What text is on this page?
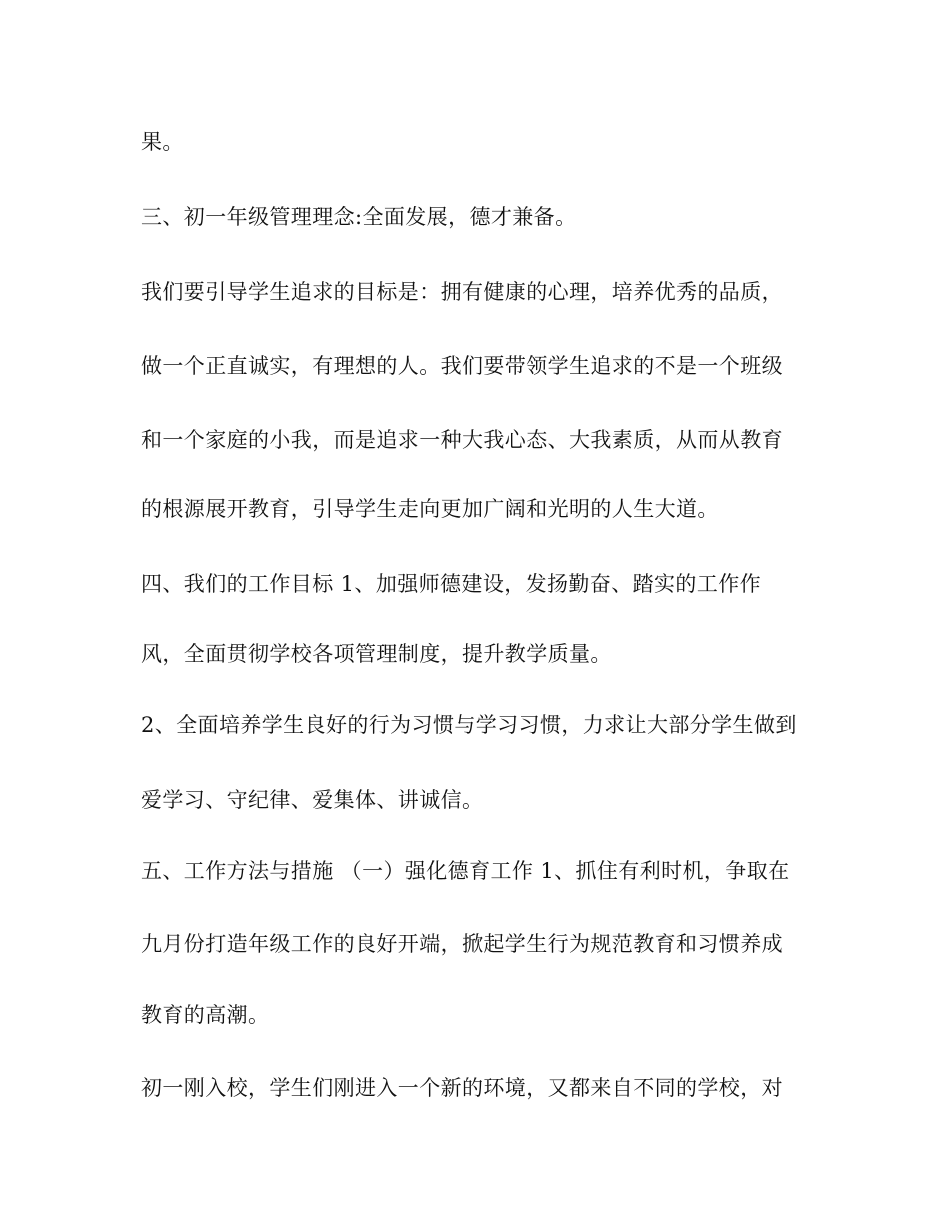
果。

三、初一年级管理理念:全面发展，德才兼备。

我们要引导学生追求的目标是：拥有健康的心理，培养优秀的品质，

做一个正直诚实，有理想的人。我们要带领学生追求的不是一个班级

和一个家庭的小我，而是追求一种大我心态、大我素质，从而从教育

的根源展开教育，引导学生走向更加广阔和光明的人生大道。

四、我们的工作目标 1、加强师德建设，发扬勤奋、踏实的工作作

风，全面贯彻学校各项管理制度，提升教学质量。

2、全面培养学生良好的行为习惯与学习习惯，力求让大部分学生做到

爱学习、守纪律、爱集体、讲诚信。

五、工作方法与措施 （一）强化德育工作 1、抓住有利时机，争取在

九月份打造年级工作的良好开端，掀起学生行为规范教育和习惯养成

教育的高潮。

初一刚入校，学生们刚进入一个新的环境，又都来自不同的学校，对
